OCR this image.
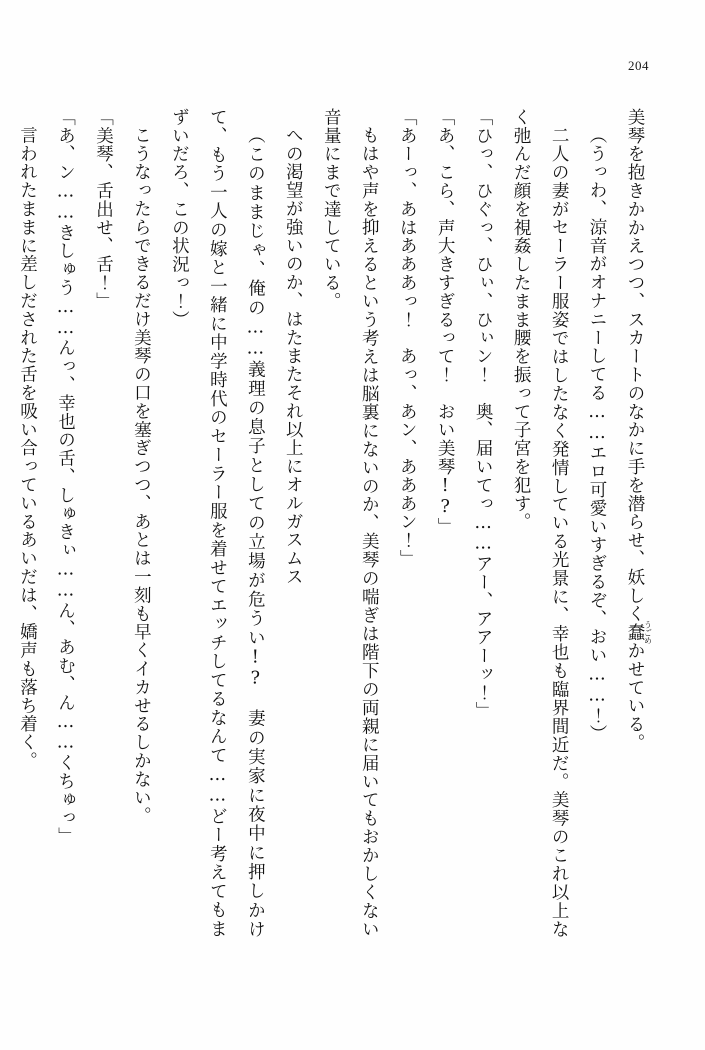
204

美琴を抱きかかえつつ、スカートのなかに手を潜らせ、妖しく蠢うごめかせている。

（うっわ、涼音がオナニーしてる……エロ可愛いすぎるぞ、おい……！）

二人の妻がセーラー服姿ではしたなく発情している光景に、幸也も臨界間近だ。美琴のこれ以上なく弛んだ顔を視姦したまま腰を振って子宮を犯す。

「ひっ、ひぐっ、ひぃ、ひぃン！　奥、届いてっ……アー、アアーッ！」

「あ、こら、声大きすぎるって！　おい美琴!?」

「あーっ、あはあああっ！　あっ、あン、あああン！」

もはや声を抑えるという考えは脳裏にないのか、美琴の喘ぎは階下の両親に届いてもおかしくない音量にまで達している。

への渇望が強いのか、はたまたそれ以上にオルガスムス

（このままじゃ、俺の……義理の息子としての立場が危うい!?　妻の実家に夜中に押しかけて、もう一人の嫁と一緒に中学時代のセーラー服を着せてエッチしてるなんて……どー考えてもまずいだろ、この状況っ！）

こうなったらできるだけ美琴の口を塞ぎつつ、あとは一刻も早くイカせるしかない。

「美琴、舌出せ、舌！」

「あ、ン……きしゅう……んっ、幸也の舌、しゅきぃ……ん、あむ、ん……くちゅっ」

言われたままに差しだされた舌を吸い合っているあいだは、嬌声も落ち着く。
